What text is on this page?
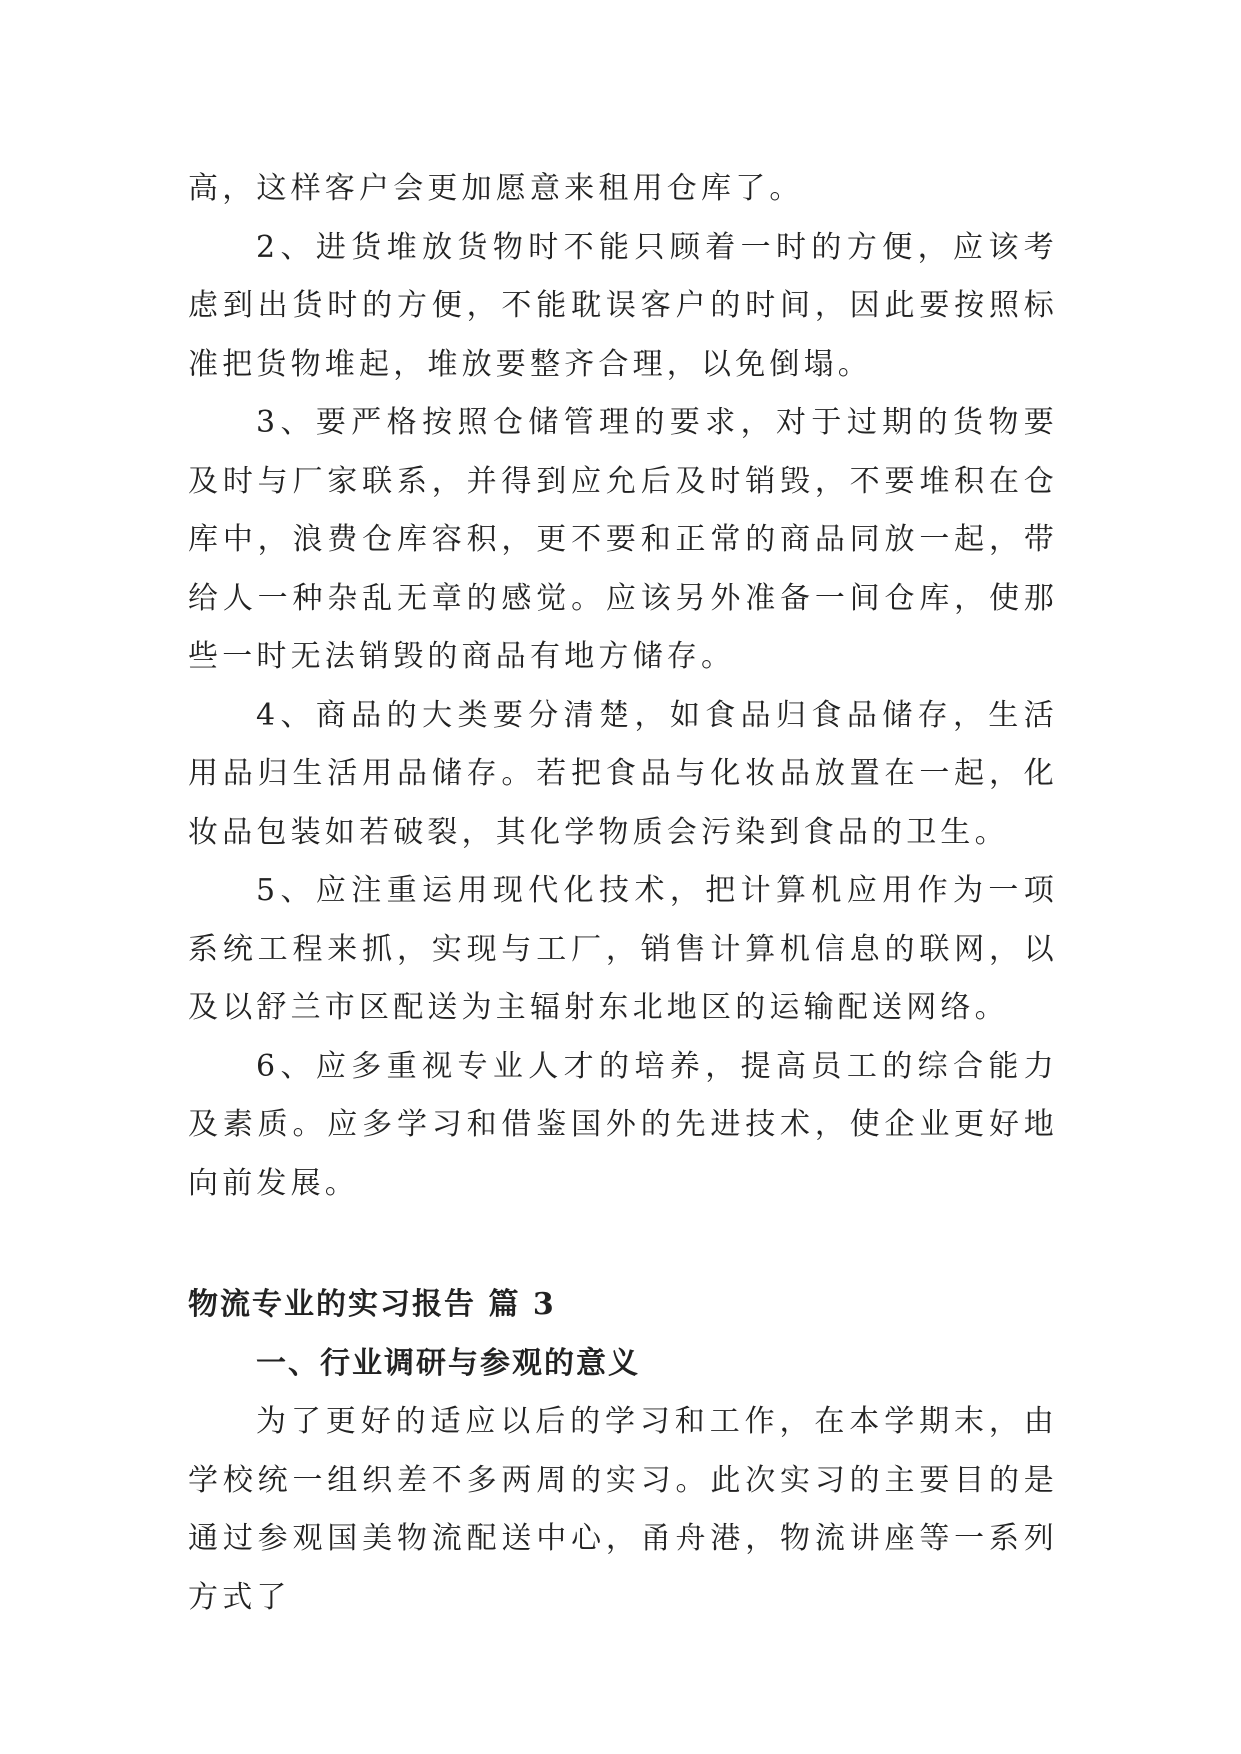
高，这样客户会更加愿意来租用仓库了。

2、进货堆放货物时不能只顾着一时的方便，应该考虑到出货时的方便，不能耽误客户的时间，因此要按照标准把货物堆起，堆放要整齐合理，以免倒塌。

3、要严格按照仓储管理的要求，对于过期的货物要及时与厂家联系，并得到应允后及时销毁，不要堆积在仓库中，浪费仓库容积，更不要和正常的商品同放一起，带给人一种杂乱无章的感觉。应该另外准备一间仓库，使那些一时无法销毁的商品有地方储存。

4、商品的大类要分清楚，如食品归食品储存，生活用品归生活用品储存。若把食品与化妆品放置在一起，化妆品包装如若破裂，其化学物质会污染到食品的卫生。

5、应注重运用现代化技术，把计算机应用作为一项系统工程来抓，实现与工厂，销售计算机信息的联网，以及以舒兰市区配送为主辐射东北地区的运输配送网络。

6、应多重视专业人才的培养，提高员工的综合能力及素质。应多学习和借鉴国外的先进技术，使企业更好地向前发展。

物流专业的实习报告 篇 3
一、行业调研与参观的意义

为了更好的适应以后的学习和工作，在本学期末，由学校统一组织差不多两周的实习。此次实习的主要目的是通过参观国美物流配送中心，甬舟港，物流讲座等一系列方式了
